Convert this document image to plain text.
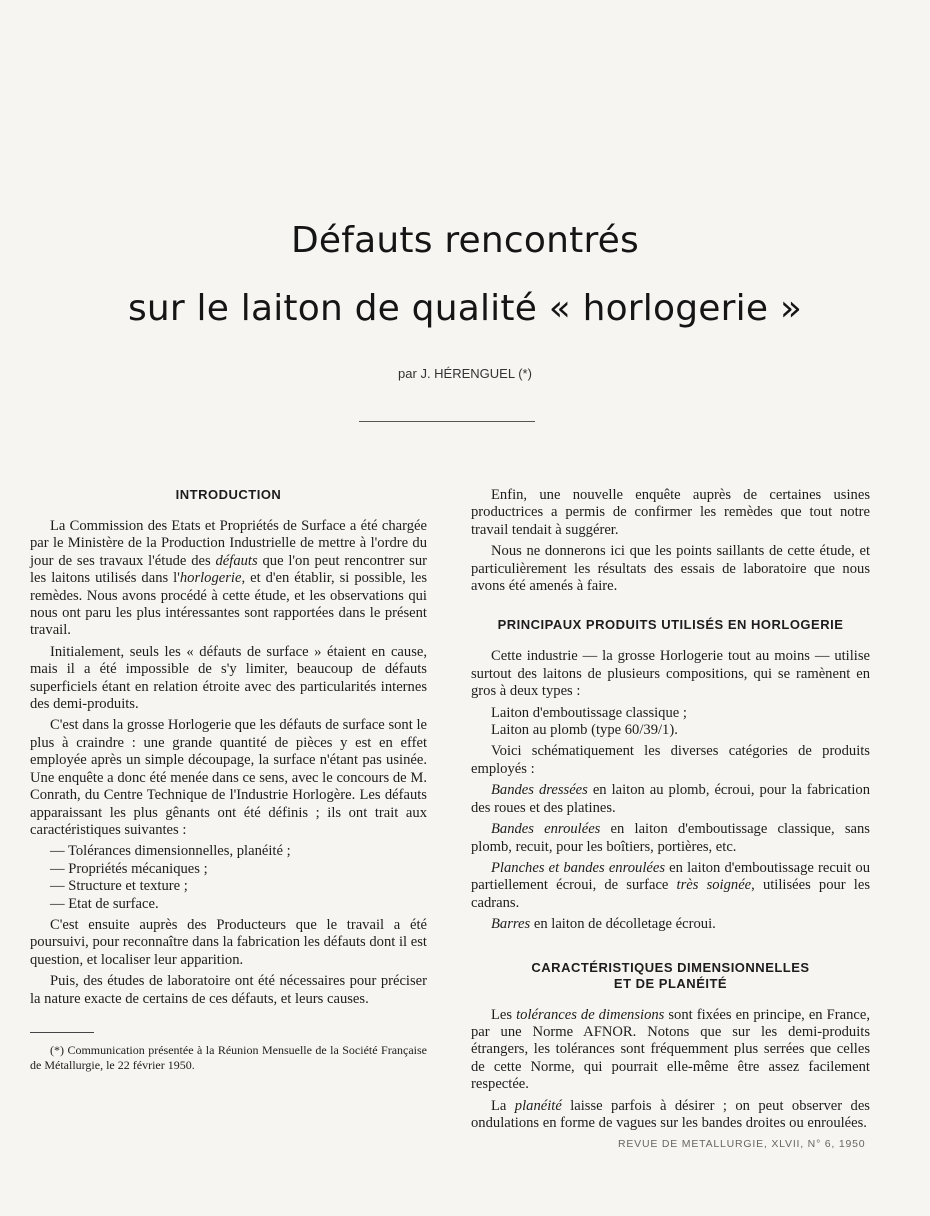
Défauts rencontrés
sur le laiton de qualité « horlogerie »
par J. HÉRENGUEL (*)
INTRODUCTION

La Commission des Etats et Propriétés de Surface a été chargée par le Ministère de la Production Industrielle de mettre à l'ordre du jour de ses travaux l'étude des défauts que l'on peut rencontrer sur les laitons utilisés dans l'horlogerie, et d'en établir, si possible, les remèdes. Nous avons procédé à cette étude, et les observations qui nous ont paru les plus intéressantes sont rapportées dans le présent travail.

Initialement, seuls les « défauts de surface » étaient en cause, mais il a été impossible de s'y limiter, beaucoup de défauts superficiels étant en relation étroite avec des particularités internes des demi-produits.

C'est dans la grosse Horlogerie que les défauts de surface sont le plus à craindre : une grande quantité de pièces y est en effet employée après un simple découpage, la surface n'étant pas usinée. Une enquête a donc été menée dans ce sens, avec le concours de M. Conrath, du Centre Technique de l'Industrie Horlogère. Les défauts apparaissant les plus gênants ont été définis ; ils ont trait aux caractéristiques suivantes :

— Tolérances dimensionnelles, planéité ;
— Propriétés mécaniques ;
— Structure et texture ;
— Etat de surface.

C'est ensuite auprès des Producteurs que le travail a été poursuivi, pour reconnaître dans la fabrication les défauts dont il est question, et localiser leur apparition.

Puis, des études de laboratoire ont été nécessaires pour préciser la nature exacte de certains de ces défauts, et leurs causes.

(*) Communication présentée à la Réunion Mensuelle de la Société Française de Métallurgie, le 22 février 1950.

Enfin, une nouvelle enquête auprès de certaines usines productrices a permis de confirmer les remèdes que tout notre travail tendait à suggérer.

Nous ne donnerons ici que les points saillants de cette étude, et particulièrement les résultats des essais de laboratoire que nous avons été amenés à faire.

PRINCIPAUX PRODUITS UTILISÉS EN HORLOGERIE

Cette industrie — la grosse Horlogerie tout au moins — utilise surtout des laitons de plusieurs compositions, qui se ramènent en gros à deux types :

Laiton d'emboutissage classique ;
Laiton au plomb (type 60/39/1).

Voici schématiquement les diverses catégories de produits employés :

Bandes dressées en laiton au plomb, écroui, pour la fabrication des roues et des platines.

Bandes enroulées en laiton d'emboutissage classique, sans plomb, recuit, pour les boîtiers, portières, etc.

Planches et bandes enroulées en laiton d'emboutissage recuit ou partiellement écroui, de surface très soignée, utilisées pour les cadrans.

Barres en laiton de décolletage écroui.

CARACTÉRISTIQUES DIMENSIONNELLES
ET DE PLANÉITÉ

Les tolérances de dimensions sont fixées en principe, en France, par une Norme AFNOR. Notons que sur les demi-produits étrangers, les tolérances sont fréquemment plus serrées que celles de cette Norme, qui pourrait elle-même être assez facilement respectée.

La planéité laisse parfois à désirer ; on peut observer des ondulations en forme de vagues sur les bandes droites ou enroulées.

REVUE DE METALLURGIE, XLVII, N° 6, 1950
